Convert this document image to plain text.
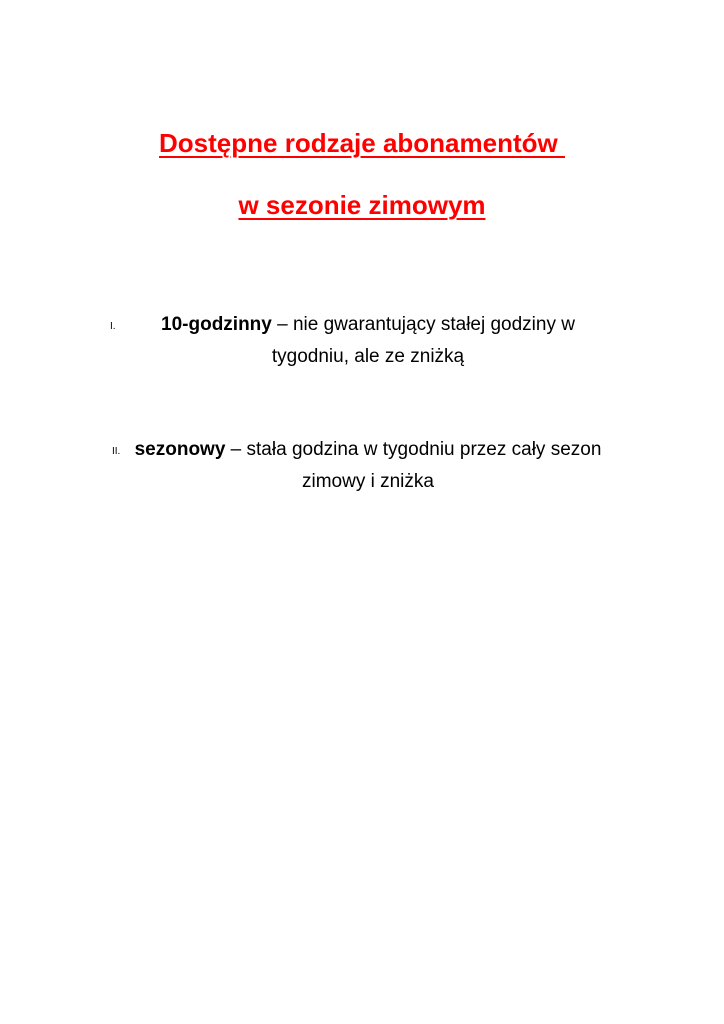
Dostępne rodzaje abonamentów
w sezonie zimowym
I.	10-godzinny – nie gwarantujący stałej godziny w tygodniu, ale ze zniżką
II. sezonowy – stała godzina w tygodniu przez cały sezon zimowy i zniżka
